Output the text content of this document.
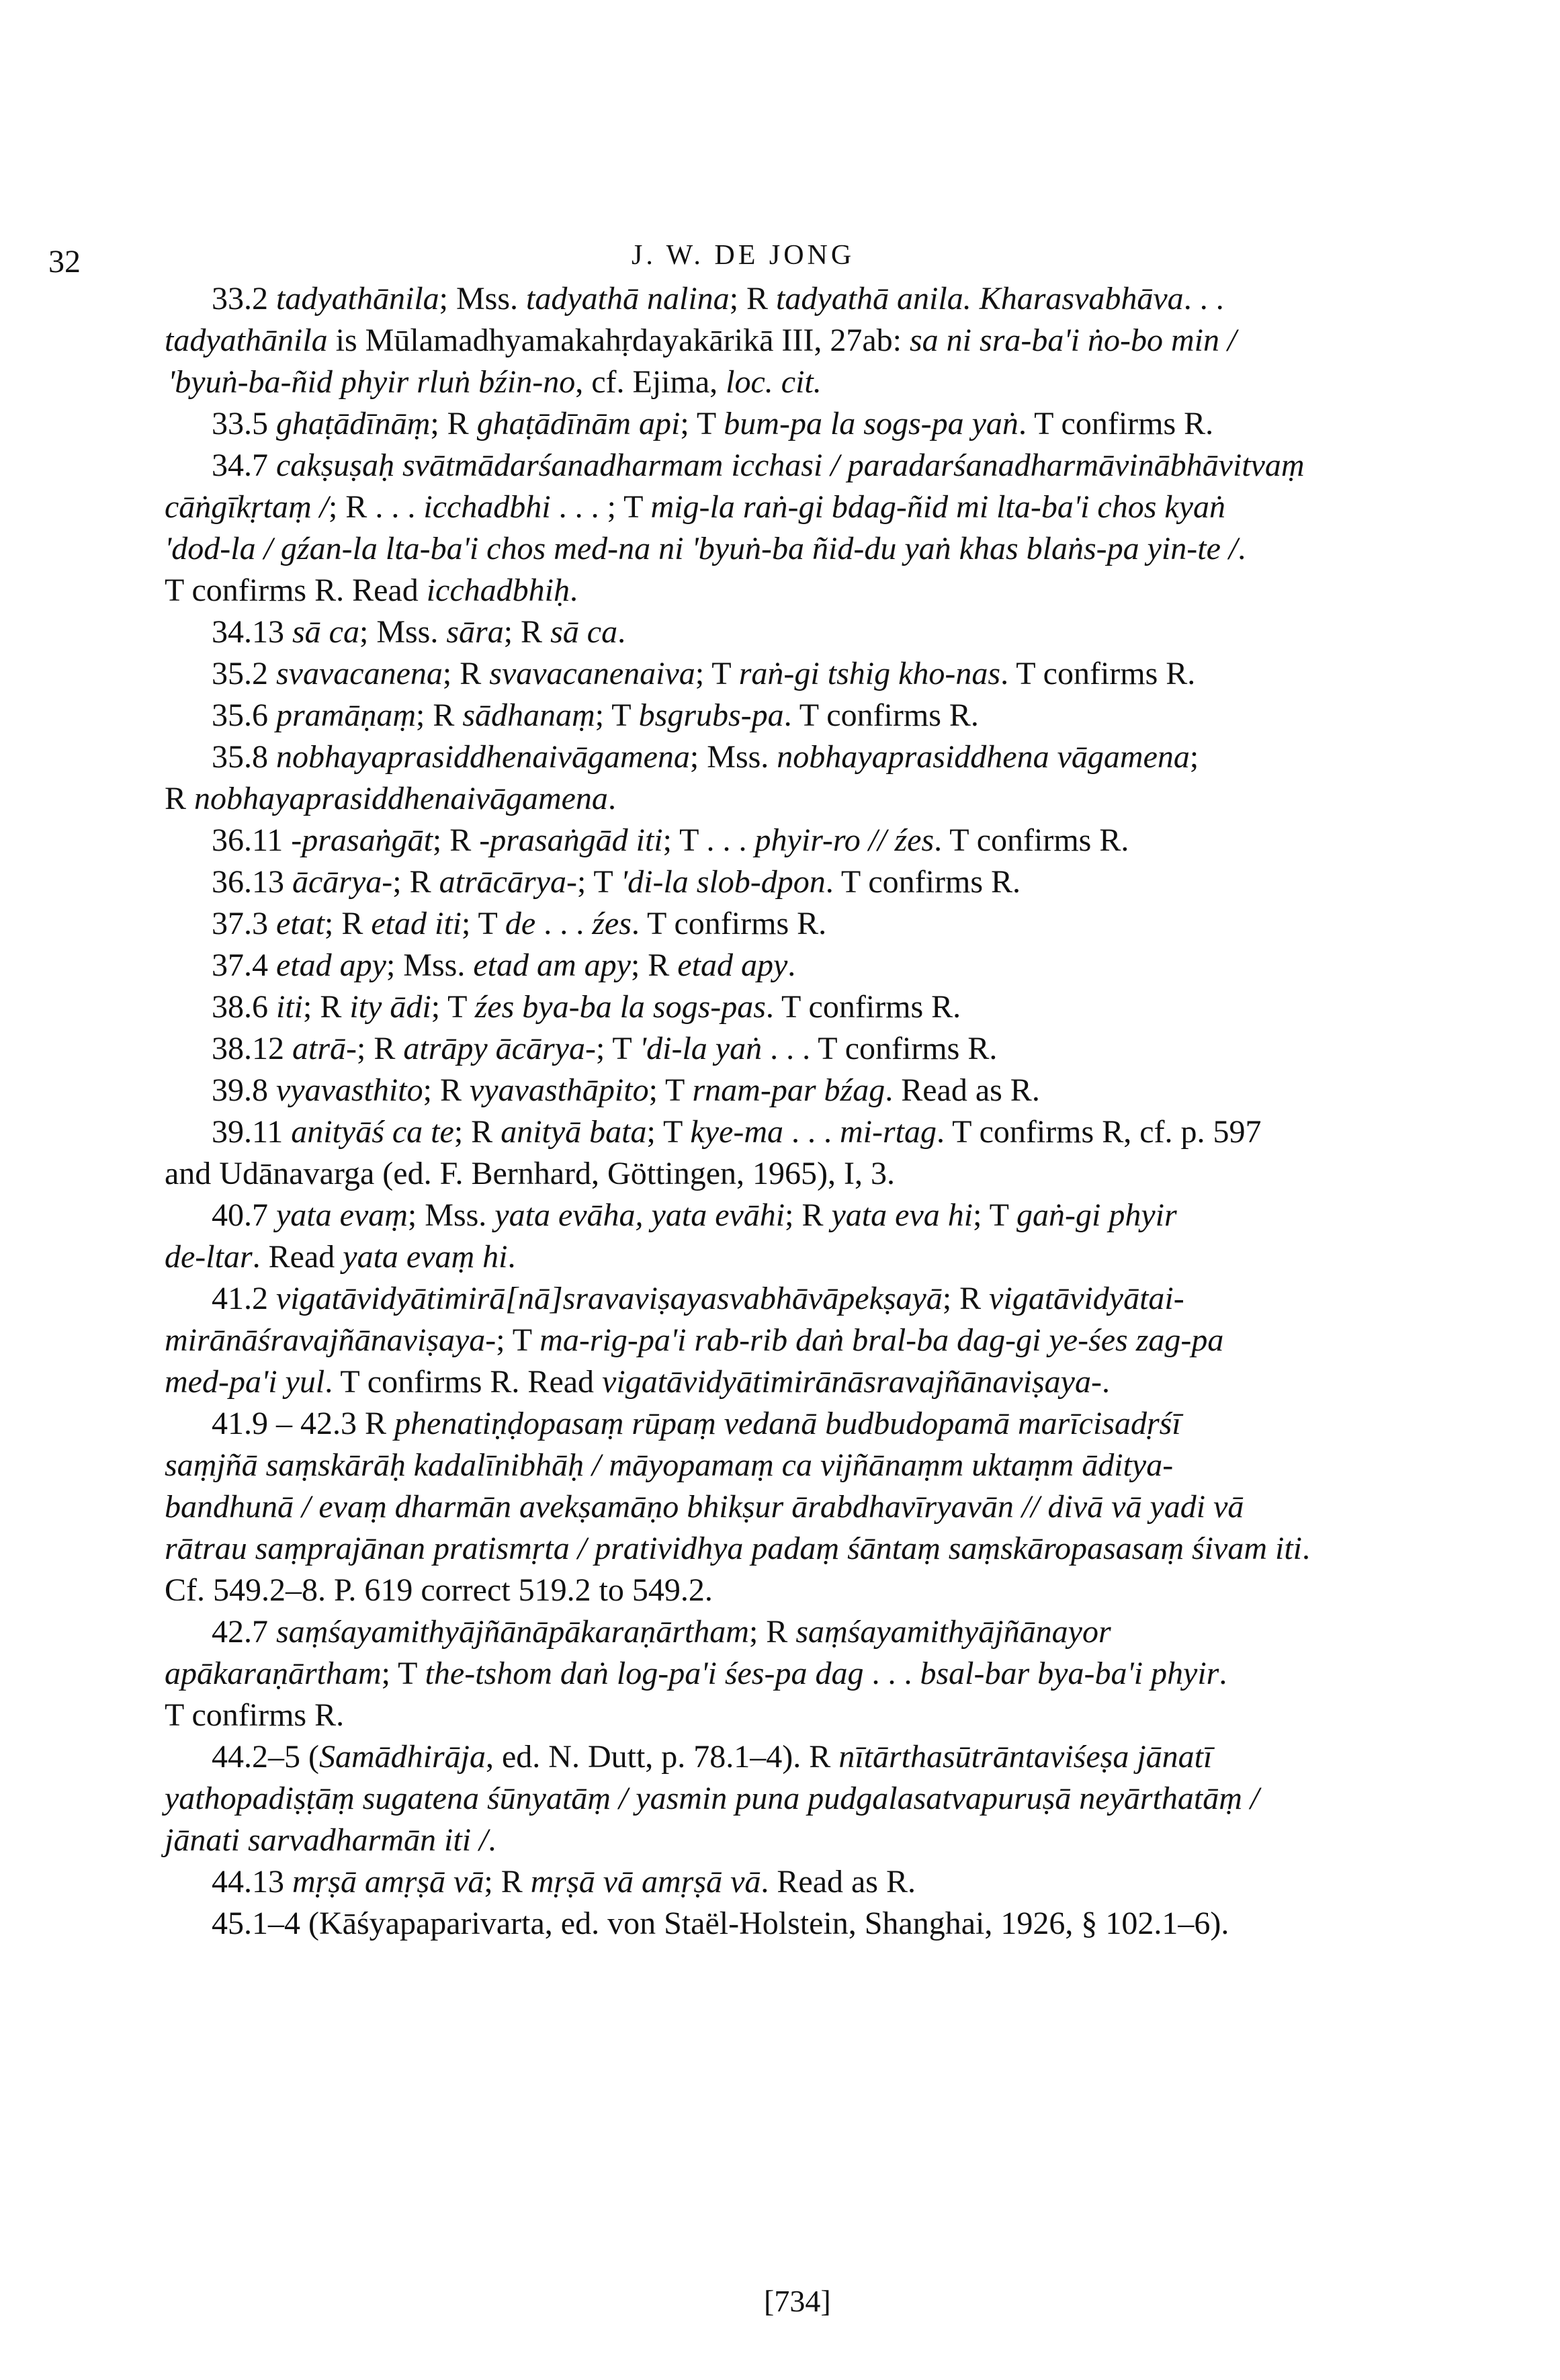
32	J. W. DE JONG
33.2 tadyathānila; Mss. tadyathā nalina; R tadyathā anila. Kharasvabhāva. . .
tadyathānila is Mūlamadhyamakahṛdayakārikā III, 27ab: sa ni sra-ba'i ṅo-bo min /
'byuṅ-ba-ñid phyir rluṅ bźin-no, cf. Ejima, loc. cit.
33.5 ghaṭādīnāṃ; R ghaṭādīnām api; T bum-pa la sogs-pa yaṅ. T confirms R.
34.7 cakṣuṣaḥ svātmādarśanadharmam icchasi / paradarśanadharmāvinābhāvitvaṃ
cāṅgīkṛtaṃ /; R . . . icchadbhi . . . ; T mig-la raṅ-gi bdag-ñid mi lta-ba'i chos kyaṅ
'dod-la / gźan-la lta-ba'i chos med-na ni 'byuṅ-ba ñid-du yaṅ khas blaṅs-pa yin-te /.
T confirms R. Read icchadbhiḥ.
34.13 sā ca; Mss. sāra; R sā ca.
35.2 svavacanena; R svavacanenaiva; T raṅ-gi tshig kho-nas. T confirms R.
35.6 pramāṇaṃ; R sādhanaṃ; T bsgrubs-pa. T confirms R.
35.8 nobhayaprasiddhenaivāgamena; Mss. nobhayaprasiddhena vāgamena;
R nobhayaprasiddhenaivāgamena.
36.11 -prasaṅgāt; R -prasaṅgād iti; T . . . phyir-ro // źes. T confirms R.
36.13 ācārya-; R atrācārya-; T 'di-la slob-dpon. T confirms R.
37.3 etat; R etad iti; T de . . . źes. T confirms R.
37.4 etad apy; Mss. etad am apy; R etad apy.
38.6 iti; R ity ādi; T źes bya-ba la sogs-pas. T confirms R.
38.12 atrā-; R atrāpy ācārya-; T 'di-la yaṅ . . . T confirms R.
39.8 vyavasthito; R vyavasthāpito; T rnam-par bźag. Read as R.
39.11 anityāś ca te; R anityā bata; T kye-ma . . . mi-rtag. T confirms R, cf. p. 597
and Udānavarga (ed. F. Bernhard, Göttingen, 1965), I, 3.
40.7 yata evaṃ; Mss. yata evāha, yata evāhi; R yata eva hi; T gaṅ-gi phyir
de-ltar. Read yata evaṃ hi.
41.2 vigatāvidyātimirā[nā]sravaviṣayasvabhāvāpekṣayā; R vigatāvidyātai-
mirānāśravajñānaviṣaya-; T ma-rig-pa'i rab-rib daṅ bral-ba dag-gi ye-śes zag-pa
med-pa'i yul. T confirms R. Read vigatāvidyātimirānāsravajñānaviṣaya-.
41.9 – 42.3 R phenatiṇḍopasaṃ rūpaṃ vedanā budbudopamā marīcisadṛśī
saṃjñā saṃskārāḥ kadalīnibhāḥ / māyopamaṃ ca vijñānaṃm uktaṃm āditya-
bandhunā / evaṃ dharmān avekṣamāṇo bhikṣur ārabdhavīryavān // divā vā yadi vā
rātrau saṃprajānan pratismṛta / pratividhya padaṃ śāntaṃ saṃskāropasasaṃ śivam iti.
Cf. 549.2–8. P. 619 correct 519.2 to 549.2.
42.7 saṃśayamithyājñānāpākaraṇārtham; R saṃśayamithyājñānayor
apākaraṇārtham; T the-tshom daṅ log-pa'i śes-pa dag . . . bsal-bar bya-ba'i phyir.
T confirms R.
44.2–5 (Samādhirāja, ed. N. Dutt, p. 78.1–4). R nītārthasūtrāntaviśeṣa jānatī
yathopadiṣṭāṃ sugatena śūnyatāṃ / yasmin puna pudgalasatvapuruṣā neyārthatāṃ /
jānati sarvadharmān iti /.
44.13 mṛṣā amṛṣā vā; R mṛṣā vā amṛṣā vā. Read as R.
45.1–4 (Kāśyapaparivarta, ed. von Staël-Holstein, Shanghai, 1926, § 102.1–6).
[734]
